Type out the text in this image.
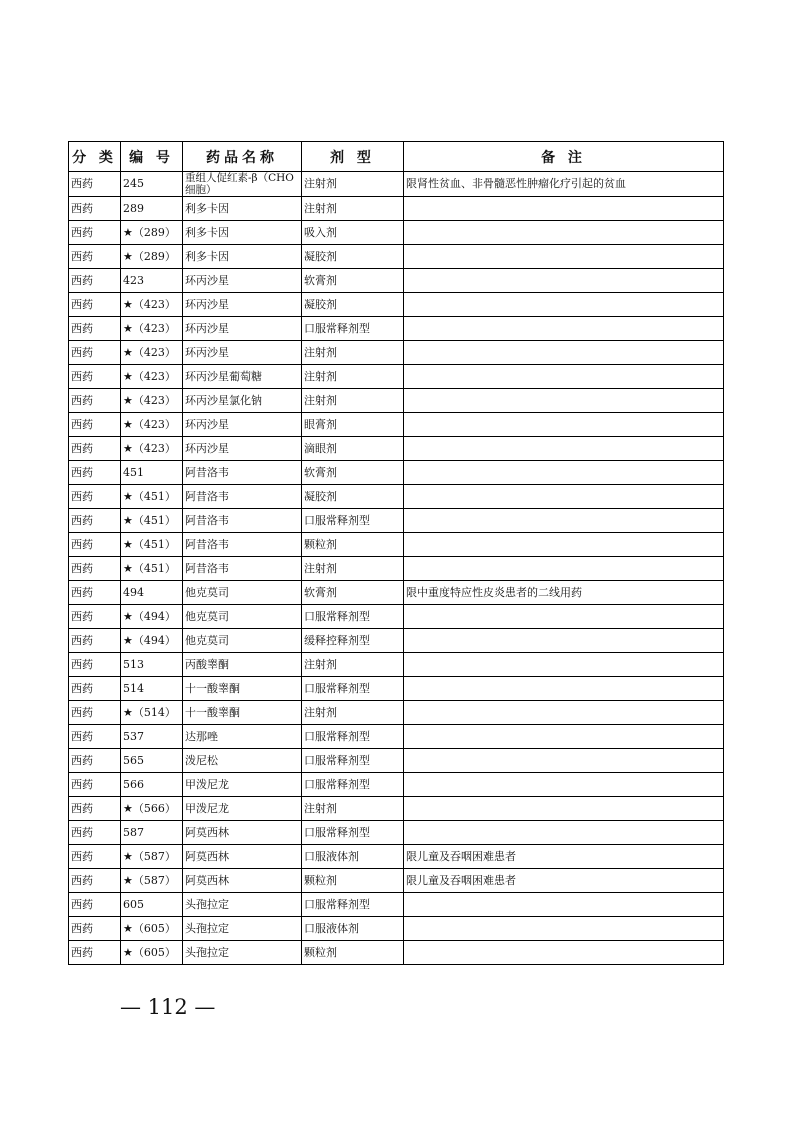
分 类	编 号	药品名称	剂 型	备 注
西药	245	重组人促红素-β（CHO细胞）	注射剂	限肾性贫血、非骨髓恶性肿瘤化疗引起的贫血
西药	289	利多卡因	注射剂	
西药	★（289）	利多卡因	吸入剂	
西药	★（289）	利多卡因	凝胶剂	
西药	423	环丙沙星	软膏剂	
西药	★（423）	环丙沙星	凝胶剂	
西药	★（423）	环丙沙星	口服常释剂型	
西药	★（423）	环丙沙星	注射剂	
西药	★（423）	环丙沙星葡萄糖	注射剂	
西药	★（423）	环丙沙星氯化钠	注射剂	
西药	★（423）	环丙沙星	眼膏剂	
西药	★（423）	环丙沙星	滴眼剂	
西药	451	阿昔洛韦	软膏剂	
西药	★（451）	阿昔洛韦	凝胶剂	
西药	★（451）	阿昔洛韦	口服常释剂型	
西药	★（451）	阿昔洛韦	颗粒剂	
西药	★（451）	阿昔洛韦	注射剂	
西药	494	他克莫司	软膏剂	限中重度特应性皮炎患者的二线用药
西药	★（494）	他克莫司	口服常释剂型	
西药	★（494）	他克莫司	缓释控释剂型	
西药	513	丙酸睾酮	注射剂	
西药	514	十一酸睾酮	口服常释剂型	
西药	★（514）	十一酸睾酮	注射剂	
西药	537	达那唑	口服常释剂型	
西药	565	泼尼松	口服常释剂型	
西药	566	甲泼尼龙	口服常释剂型	
西药	★（566）	甲泼尼龙	注射剂	
西药	587	阿莫西林	口服常释剂型	
西药	★（587）	阿莫西林	口服液体剂	限儿童及吞咽困难患者
西药	★（587）	阿莫西林	颗粒剂	限儿童及吞咽困难患者
西药	605	头孢拉定	口服常释剂型	
西药	★（605）	头孢拉定	口服液体剂	
西药	★（605）	头孢拉定	颗粒剂	
— 112 —
